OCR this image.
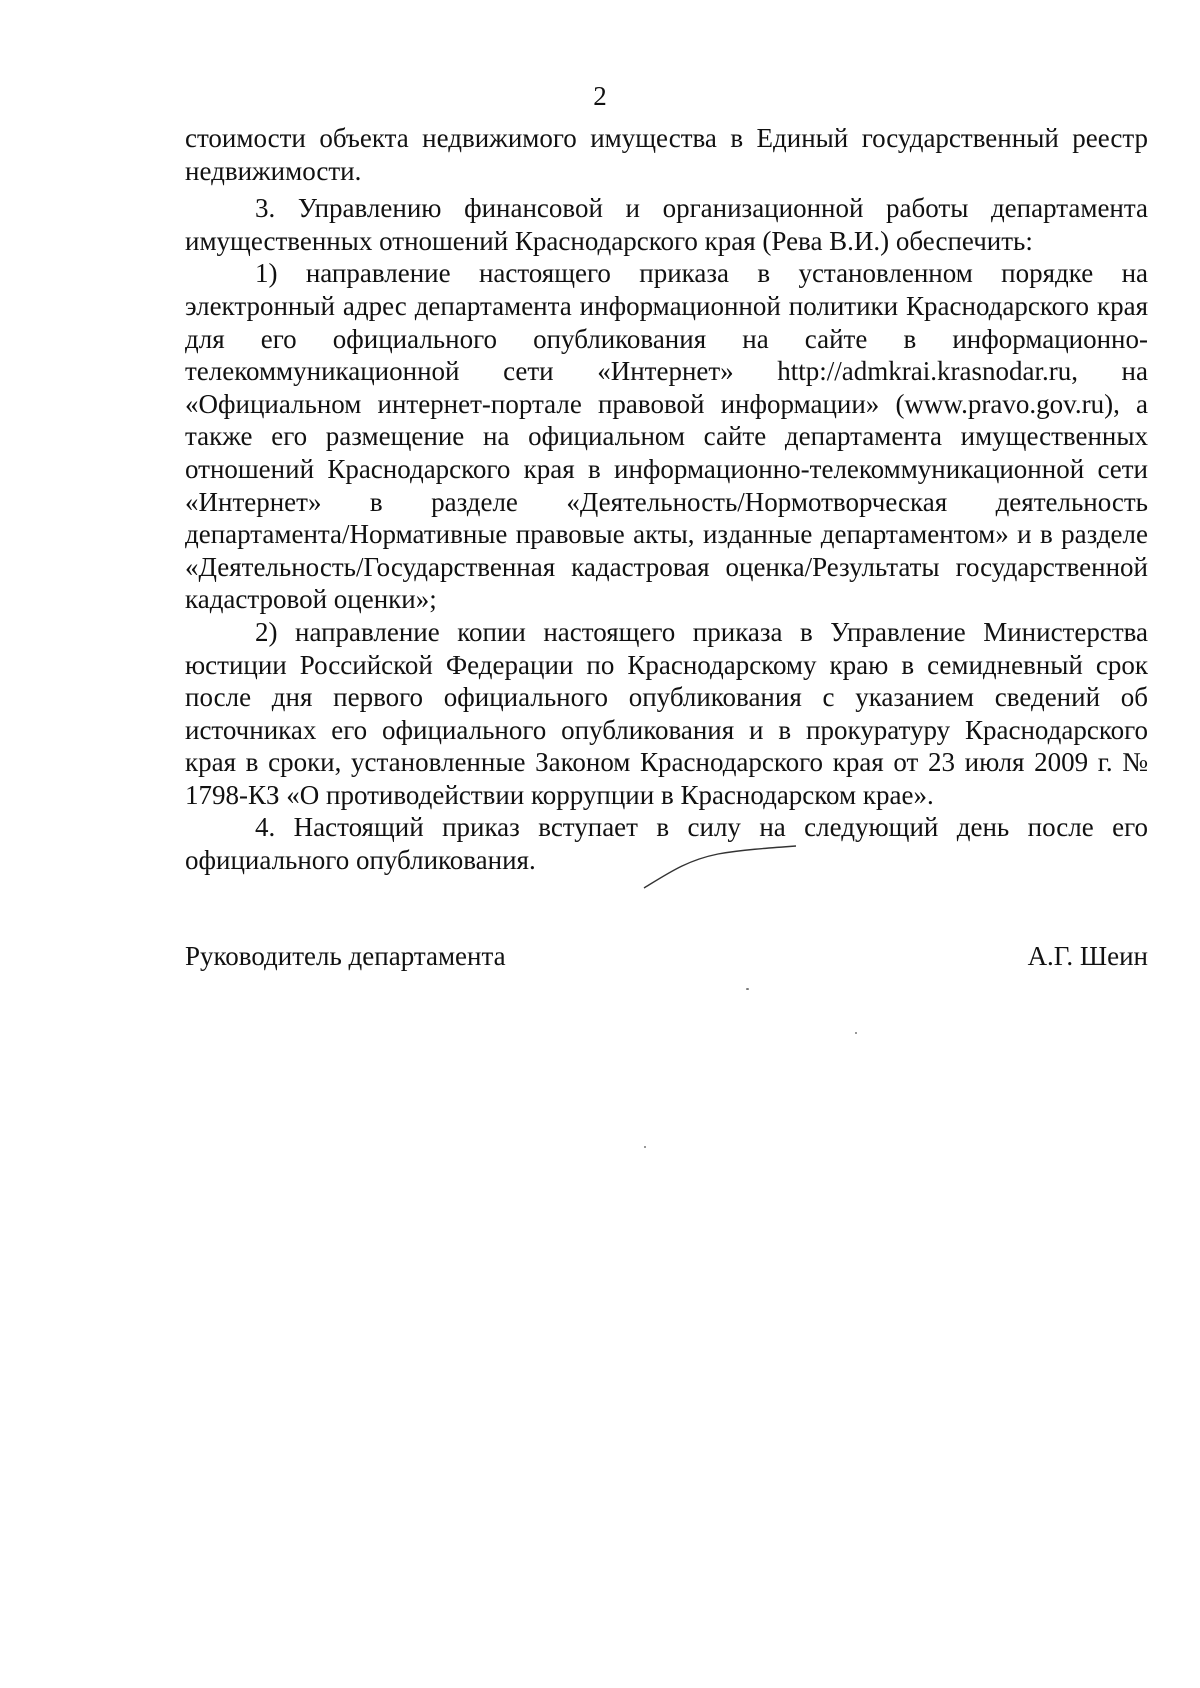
2

стоимости объекта недвижимого имущества в Единый государственный реестр недвижимости.

3. Управлению финансовой и организационной работы департамента имущественных отношений Краснодарского края (Рева В.И.) обеспечить:

1) направление настоящего приказа в установленном порядке на электронный адрес департамента информационной политики Краснодарского края для его официального опубликования на сайте в информационно-телекоммуникационной сети «Интернет» http://admkrai.krasnodar.ru, на «Официальном интернет-портале правовой информации» (www.pravo.gov.ru), а также его размещение на официальном сайте департамента имущественных отношений Краснодарского края в информационно-телекоммуникационной сети «Интернет» в разделе «Деятельность/Нормотворческая деятельность департамента/Нормативные правовые акты, изданные департаментом» и в разделе «Деятельность/Государственная кадастровая оценка/Результаты государственной кадастровой оценки»;

2) направление копии настоящего приказа в Управление Министерства юстиции Российской Федерации по Краснодарскому краю в семидневный срок после дня первого официального опубликования с указанием сведений об источниках его официального опубликования и в прокуратуру Краснодарского края в сроки, установленные Законом Краснодарского края от 23 июля 2009 г. № 1798-КЗ «О противодействии коррупции в Краснодарском крае».

4. Настоящий приказ вступает в силу на следующий день после его официального опубликования.

Руководитель департамента	А.Г. Шеин
